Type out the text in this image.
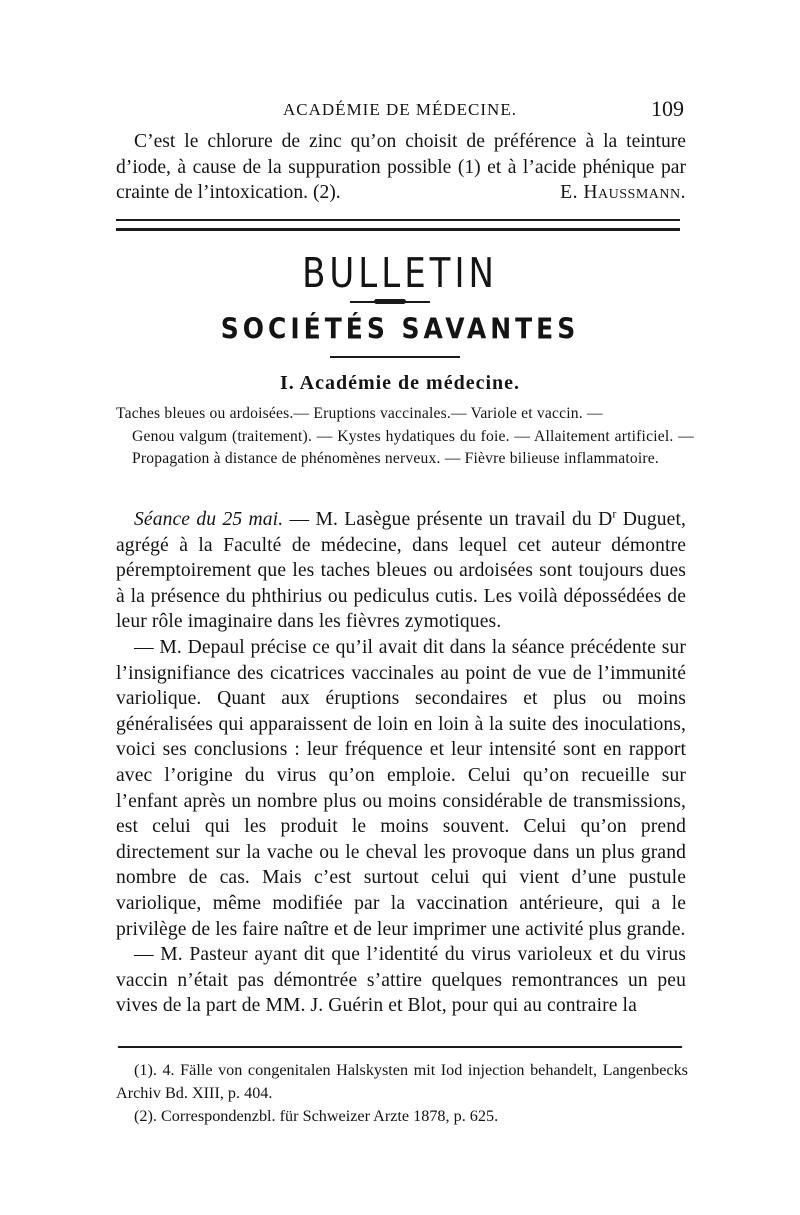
ACADÉMIE DE MÉDECINE.	109

C’est le chlorure de zinc qu’on choisit de préférence à la teinture d’iode, à cause de la suppuration possible (1) et à l’acide phénique par crainte de l’intoxication. (2).	E. Haussmann.

BULLETIN
SOCIÉTÉS SAVANTES
I. Académie de médecine.

Taches bleues ou ardoisées.— Eruptions vaccinales.— Variole et vaccin. —
Genou valgum (traitement). — Kystes hydatiques du foie. — Allaitement artificiel. — Propagation à distance de phénomènes nerveux. — Fièvre bilieuse inflammatoire.

Séance du 25 mai. — M. Lasègue présente un travail du $D^r$ Duguet, agrégé à la Faculté de médecine, dans lequel cet auteur démontre péremptoirement que les taches bleues ou ardoisées sont toujours dues à la présence du phthirius ou pediculus cutis. Les voilà dépossédées de leur rôle imaginaire dans les fièvres zymotiques.

— M. Depaul précise ce qu’il avait dit dans la séance précédente sur l’insignifiance des cicatrices vaccinales au point de vue de l’immunité variolique. Quant aux éruptions secondaires et plus ou moins généralisées qui apparaissent de loin en loin à la suite des inoculations, voici ses conclusions : leur fréquence et leur intensité sont en rapport avec l’origine du virus qu’on emploie. Celui qu’on recueille sur l’enfant après un nombre plus ou moins considérable de transmissions, est celui qui les produit le moins souvent. Celui qu’on prend directement sur la vache ou le cheval les provoque dans un plus grand nombre de cas. Mais c’est surtout celui qui vient d’une pustule variolique, même modifiée par la vaccination antérieure, qui a le privilège de les faire naître et de leur imprimer une activité plus grande.

— M. Pasteur ayant dit que l’identité du virus varioleux et du virus vaccin n’était pas démontrée s’attire quelques remontrances un peu vives de la part de MM. J. Guérin et Blot, pour qui au contraire la

(1). 4. Fälle von congenitalen Halskysten mit Iod injection behandelt, Langenbecks Archiv Bd. XIII, p. 404.
(2). Correspondenzbl. für Schweizer Arzte 1878, p. 625.
